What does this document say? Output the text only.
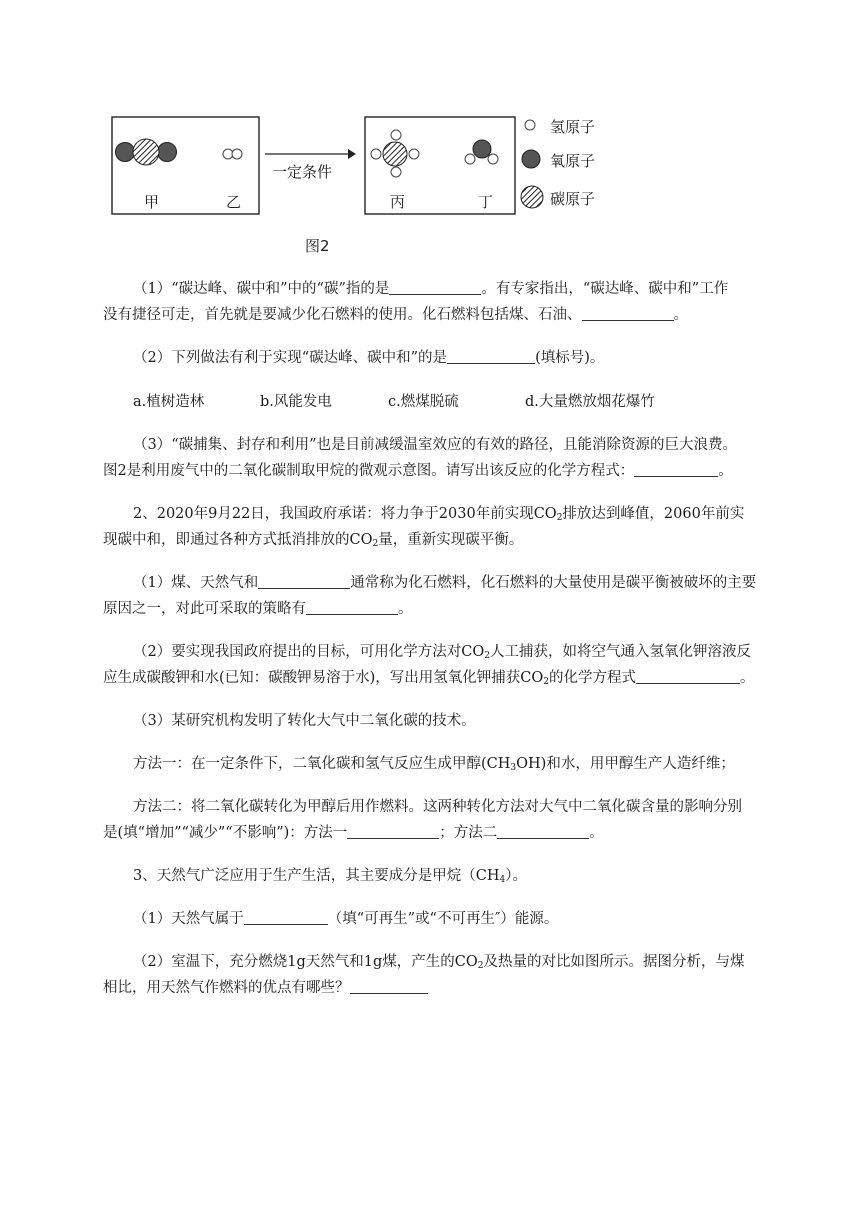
甲	乙
一定条件
丙	丁
氢原子
氧原子
碳原子
图2
（1）“碳达峰、碳中和”中的“碳”指的是	。有专家指出，“碳达峰、碳中和”工作
没有捷径可走，首先就是要减少化石燃料的使用。化石燃料包括煤、石油、	。
（2）下列做法有利于实现“碳达峰、碳中和”的是	(填标号)。
a.植树造林	b.风能发电	c.燃煤脱硫	d.大量燃放烟花爆竹
（3）“碳捕集、封存和利用”也是目前减缓温室效应的有效的路径，且能消除资源的巨大浪费。
图2是利用废气中的二氧化碳制取甲烷的微观示意图。请写出该反应的化学方程式：	。
2、2020年9月22日，我国政府承诺：将力争于2030年前实现$CO_2$排放达到峰值，2060年前实
现碳中和，即通过各种方式抵消排放的$CO_2$量，重新实现碳平衡。
（1）煤、天然气和	通常称为化石燃料，化石燃料的大量使用是碳平衡被破坏的主要
原因之一，对此可采取的策略有	。
（2）要实现我国政府提出的目标，可用化学方法对$CO_2$人工捕获，如将空气通入氢氧化钾溶液反
应生成碳酸钾和水(已知：碳酸钾易溶于水)，写出用氢氧化钾捕获$CO_2$的化学方程式	。
（3）某研究机构发明了转化大气中二氧化碳的技术。
方法一：在一定条件下，二氧化碳和氢气反应生成甲醇$(CH_3OH)$和水，用甲醇生产人造纤维；
方法二：将二氧化碳转化为甲醇后用作燃料。这两种转化方法对大气中二氧化碳含量的影响分别
是(填“增加”“减少”“不影响”)：方法一	；方法二	。
3、天然气广泛应用于生产生活，其主要成分是甲烷$(CH_4)$。
（1）天然气属于	（填“可再生”或“不可再生″）能源。
（2）室温下，充分燃烧1g天然气和1g煤，产生的$CO_2$及热量的对比如图所示。据图分析，与煤
相比，用天然气作燃料的优点有哪些？
